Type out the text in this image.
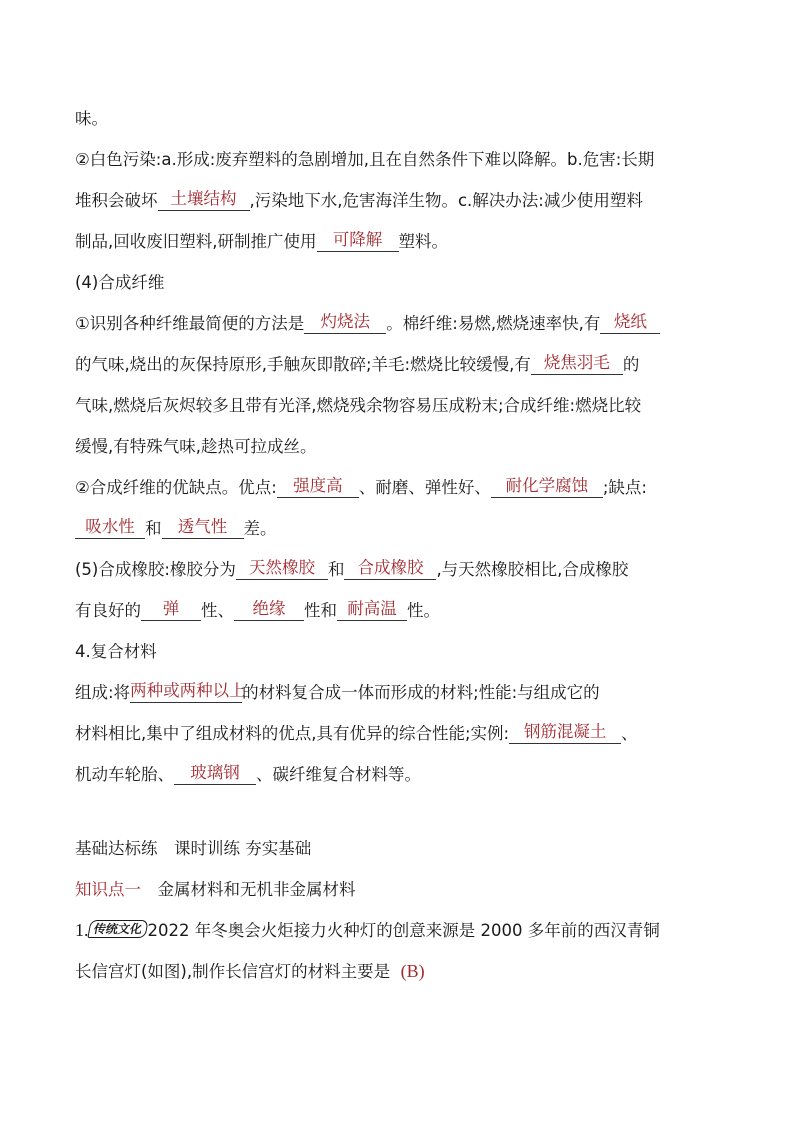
味。
②白色污染:a.形成:废弃塑料的急剧增加,且在自然条件下难以降解。b.危害:长期
堆积会破坏 土壤结构 ,污染地下水,危害海洋生物。c.解决办法:减少使用塑料
制品,回收废旧塑料,研制推广使用 可降解 塑料。
(4)合成纤维
①识别各种纤维最简便的方法是 灼烧法 。棉纤维:易燃,燃烧速率快,有 烧纸
的气味,烧出的灰保持原形,手触灰即散碎;羊毛:燃烧比较缓慢,有 烧焦羽毛 的
气味,燃烧后灰烬较多且带有光泽,燃烧残余物容易压成粉末;合成纤维:燃烧比较
缓慢,有特殊气味,趁热可拉成丝。
②合成纤维的优缺点。优点: 强度高 、耐磨、弹性好、 耐化学腐蚀 ;缺点:
吸水性 和 透气性 差。
(5)合成橡胶:橡胶分为 天然橡胶 和 合成橡胶 ,与天然橡胶相比,合成橡胶
有良好的 弹 性、 绝缘 性和 耐高温 性。
4.复合材料
组成:将两种或两种以上的材料复合成一体而形成的材料;性能:与组成它的
材料相比,集中了组成材料的优点,具有优异的综合性能;实例: 钢筋混凝土 、
机动车轮胎、 玻璃钢 、碳纤维复合材料等。
基础达标练　课时训练 夯实基础
知识点一　 金属材料和无机非金属材料
1. 传统文化 2022 年冬奥会火炬接力火种灯的创意来源是 2000 多年前的西汉青铜
长信宫灯(如图),制作长信宫灯的材料主要是 (B)
